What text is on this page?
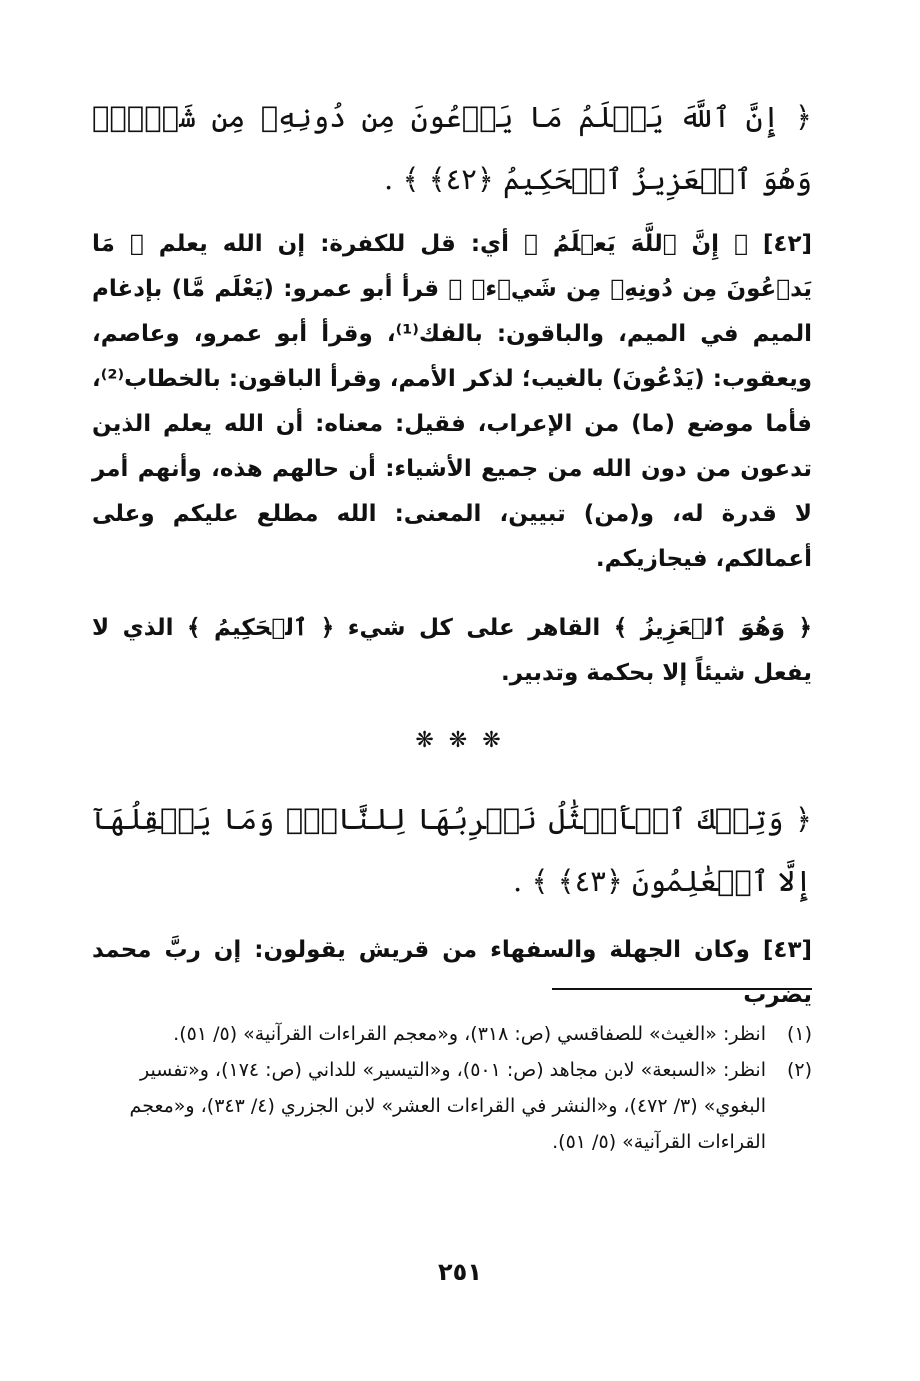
﴿ إِنَّ ٱللَّهَ يَعۡلَمُ مَا يَدۡعُونَ مِن دُونِهِۦ مِن شَيۡءٖۚ وَهُوَ ٱلۡعَزِيزُ ٱلۡحَكِيمُ ﴿٤٢﴾ ﴾ .
[٤٢] ﴿ إِنَّ ٱللَّهَ يَعۡلَمُ ﴾ أي: قل للكفرة: إن الله يعلم ﴿ مَا يَدۡعُونَ مِن دُونِهِۦ مِن شَيۡءٖ ﴾ قرأ أبو عمرو: (يَعْلَم مَّا) بإدغام الميم في الميم، والباقون: بالفك⁽¹⁾، وقرأ أبو عمرو، وعاصم، ويعقوب: (يَدْعُونَ) بالغيب؛ لذكر الأمم، وقرأ الباقون: بالخطاب⁽²⁾، فأما موضع (ما) من الإعراب، فقيل: معناه: أن الله يعلم الذين تدعون من دون الله من جميع الأشياء: أن حالهم هذه، وأنهم أمر لا قدرة له، و(من) تبيين، المعنى: الله مطلع عليكم وعلى أعمالكم، فيجازيكم.
﴿ وَهُوَ ٱلۡعَزِيزُ ﴾ القاهر على كل شيء ﴿ ٱلۡحَكِيمُ ﴾ الذي لا يفعل شيئاً إلا بحكمة وتدبير.
❋ ❋ ❋
﴿ وَتِلۡكَ ٱلۡأَمۡثَٰلُ نَضۡرِبُهَا لِلنَّاسِۖ وَمَا يَعۡقِلُهَآ إِلَّا ٱلۡعَٰلِمُونَ ﴿٤٣﴾ ﴾ .
[٤٣] وكان الجهلة والسفهاء من قريش يقولون: إن ربَّ محمد يضرب
(١)
انظر: «الغيث» للصفاقسي (ص: ٣١٨)، و«معجم القراءات القرآنية» (٥/ ٥١).
(٢)
انظر: «السبعة» لابن مجاهد (ص: ٥٠١)، و«التيسير» للداني (ص: ١٧٤)، و«تفسير البغوي» (٣/ ٤٧٢)، و«النشر في القراءات العشر» لابن الجزري (٤/ ٣٤٣)، و«معجم القراءات القرآنية» (٥/ ٥١).
٢٥١
